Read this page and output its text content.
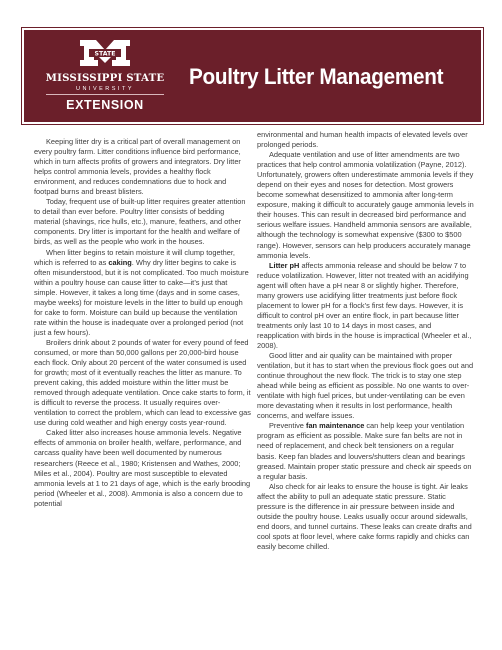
STATE
MISSISSIPPI STATE
UNIVERSITY
EXTENSION
Poultry Litter Management

Keeping litter dry is a critical part of overall management on every poultry farm. Litter conditions influence bird performance, which in turn affects profits of growers and integrators. Dry litter helps control ammonia levels, provides a healthy flock environment, and reduces condemnations due to hock and footpad burns and breast blisters.

Today, frequent use of built-up litter requires greater attention to detail than ever before. Poultry litter consists of bedding material (shavings, rice hulls, etc.), manure, feathers, and other components. Dry litter is important for the health and welfare of birds, as well as the people who work in the houses.

When litter begins to retain moisture it will clump together, which is referred to as caking. Why dry litter begins to cake is often misunderstood, but it is not complicated. Too much moisture within a poultry house can cause litter to cake—it’s just that simple. However, it takes a long time (days and in some cases, maybe weeks) for moisture levels in the litter to build up enough for cake to form. Moisture can build up because the ventilation rate within the house is inadequate over a prolonged period (not just a few hours).

Broilers drink about 2 pounds of water for every pound of feed consumed, or more than 50,000 gallons per 20,000-bird house each flock. Only about 20 percent of the water consumed is used for growth; most of it eventually reaches the litter as manure. To prevent caking, this added moisture within the litter must be removed through adequate ventilation. Once cake starts to form, it is difficult to reverse the process. It usually requires over-ventilation to correct the problem, which can lead to excessive gas use during cold weather and high energy costs year-round.

Caked litter also increases house ammonia levels. Negative effects of ammonia on broiler health, welfare, performance, and carcass quality have been well documented by numerous researchers (Reece et al., 1980; Kristensen and Wathes, 2000; Miles et al., 2004). Poultry are most susceptible to elevated ammonia levels at 1 to 21 days of age, which is the early brooding period (Wheeler et al., 2008). Ammonia is also a concern due to potential

environmental and human health impacts of elevated levels over prolonged periods.

Adequate ventilation and use of litter amendments are two practices that help control ammonia volatilization (Payne, 2012). Unfortunately, growers often underestimate ammonia levels if they depend on their eyes and noses for detection. Most growers become somewhat desensitized to ammonia after long-term exposure, making it difficult to accurately gauge ammonia levels in their houses. This can result in decreased bird performance and serious welfare issues. Handheld ammonia sensors are available, although the technology is somewhat expensive ($300 to $500 range). However, sensors can help producers accurately manage ammonia levels.

Litter pH affects ammonia release and should be below 7 to reduce volatilization. However, litter not treated with an acidifying agent will often have a pH near 8 or slightly higher. Therefore, many growers use acidifying litter treatments just before flock placement to lower pH for a flock’s first few days. However, it is difficult to control pH over an entire flock, in part because litter treatments only last 10 to 14 days in most cases, and reapplication with birds in the house is impractical (Wheeler et al., 2008).

Good litter and air quality can be maintained with proper ventilation, but it has to start when the previous flock goes out and continue throughout the new flock. The trick is to stay one step ahead while being as efficient as possible. No one wants to over-ventilate with high fuel prices, but under-ventilating can be even more devastating when it results in lost performance, health concerns, and welfare issues.

Preventive fan maintenance can help keep your ventilation program as efficient as possible. Make sure fan belts are not in need of replacement, and check belt tensioners on a regular basis. Keep fan blades and louvers/shutters clean and bearings greased. Maintain proper static pressure and check air speeds on a regular basis.

Also check for air leaks to ensure the house is tight. Air leaks affect the ability to pull an adequate static pressure. Static pressure is the difference in air pressure between inside and outside the poultry house. Leaks usually occur around sidewalls, end doors, and tunnel curtains. These leaks can create drafts and cool spots at floor level, where cake forms rapidly and chicks can easily become chilled.
